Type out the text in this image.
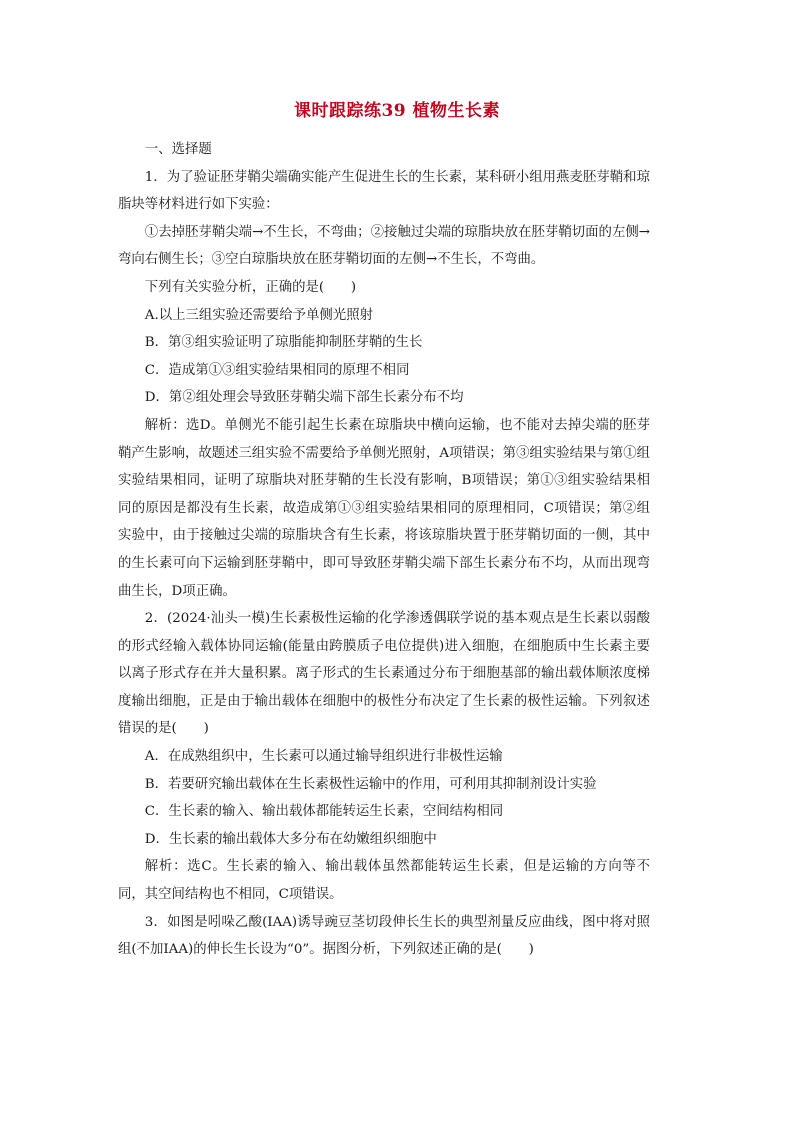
课时跟踪练39 植物生长素

一、选择题

1．为了验证胚芽鞘尖端确实能产生促进生长的生长素，某科研小组用燕麦胚芽鞘和琼脂块等材料进行如下实验：

①去掉胚芽鞘尖端→不生长，不弯曲；②接触过尖端的琼脂块放在胚芽鞘切面的左侧→弯向右侧生长；③空白琼脂块放在胚芽鞘切面的左侧→不生长，不弯曲。

下列有关实验分析，正确的是(　　)

A.以上三组实验还需要给予单侧光照射

B．第③组实验证明了琼脂能抑制胚芽鞘的生长

C．造成第①③组实验结果相同的原理不相同

D．第②组处理会导致胚芽鞘尖端下部生长素分布不均

解析：选D。单侧光不能引起生长素在琼脂块中横向运输，也不能对去掉尖端的胚芽鞘产生影响，故题述三组实验不需要给予单侧光照射，A项错误；第③组实验结果与第①组实验结果相同，证明了琼脂块对胚芽鞘的生长没有影响，B项错误；第①③组实验结果相同的原因是都没有生长素，故造成第①③组实验结果相同的原理相同，C项错误；第②组实验中，由于接触过尖端的琼脂块含有生长素，将该琼脂块置于胚芽鞘切面的一侧，其中的生长素可向下运输到胚芽鞘中，即可导致胚芽鞘尖端下部生长素分布不均，从而出现弯曲生长，D项正确。

2．(2024·汕头一模)生长素极性运输的化学渗透偶联学说的基本观点是生长素以弱酸的形式经输入载体协同运输(能量由跨膜质子电位提供)进入细胞，在细胞质中生长素主要以离子形式存在并大量积累。离子形式的生长素通过分布于细胞基部的输出载体顺浓度梯度输出细胞，正是由于输出载体在细胞中的极性分布决定了生长素的极性运输。下列叙述错误的是(　　)

A．在成熟组织中，生长素可以通过输导组织进行非极性运输

B．若要研究输出载体在生长素极性运输中的作用，可利用其抑制剂设计实验

C．生长素的输入、输出载体都能转运生长素，空间结构相同

D．生长素的输出载体大多分布在幼嫩组织细胞中

解析：选C。生长素的输入、输出载体虽然都能转运生长素，但是运输的方向等不同，其空间结构也不相同，C项错误。

3．如图是吲哚乙酸(IAA)诱导豌豆茎切段伸长生长的典型剂量反应曲线，图中将对照组(不加IAA)的伸长生长设为“0”。据图分析，下列叙述正确的是(　　)
